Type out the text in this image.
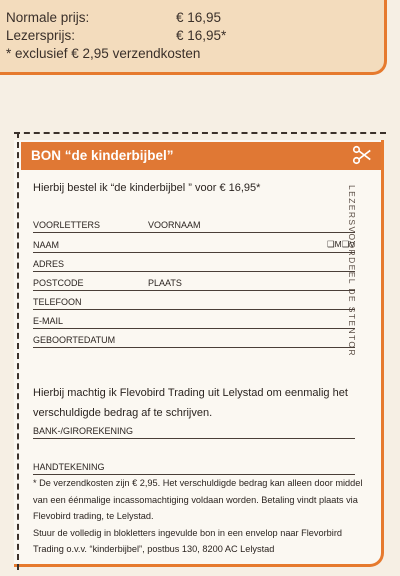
Normale prijs:	€ 16,95
Lezersprijs:	€ 16,95*
* exclusief € 2,95 verzendkosten
BON “de kinderbijbel”
LEZERSVOORDEEL DE STENTOR
Hierbij bestel ik “de kinderbijbel ” voor € 16,95*
VOORLETTERS	VOORNAAM
NAAM	❑M❑V
ADRES
POSTCODE	PLAATS
TELEFOON
E-MAIL
GEBOORTEDATUM
Hierbij machtig ik Flevobird Trading uit Lelystad om eenmalig het verschuldigde bedrag af te schrijven.
BANK-/GIROREKENING
HANDTEKENING
* De verzendkosten zijn € 2,95. Het verschuldigde bedrag kan alleen door middel van een éénmalige incassomachtiging voldaan worden. Betaling vindt plaats via Flevobird trading, te Lelystad.
Stuur de volledig in blokletters ingevulde bon in een envelop naar Flevorbird Trading o.v.v. “kinderbijbel”, postbus 130, 8200 AC Lelystad
